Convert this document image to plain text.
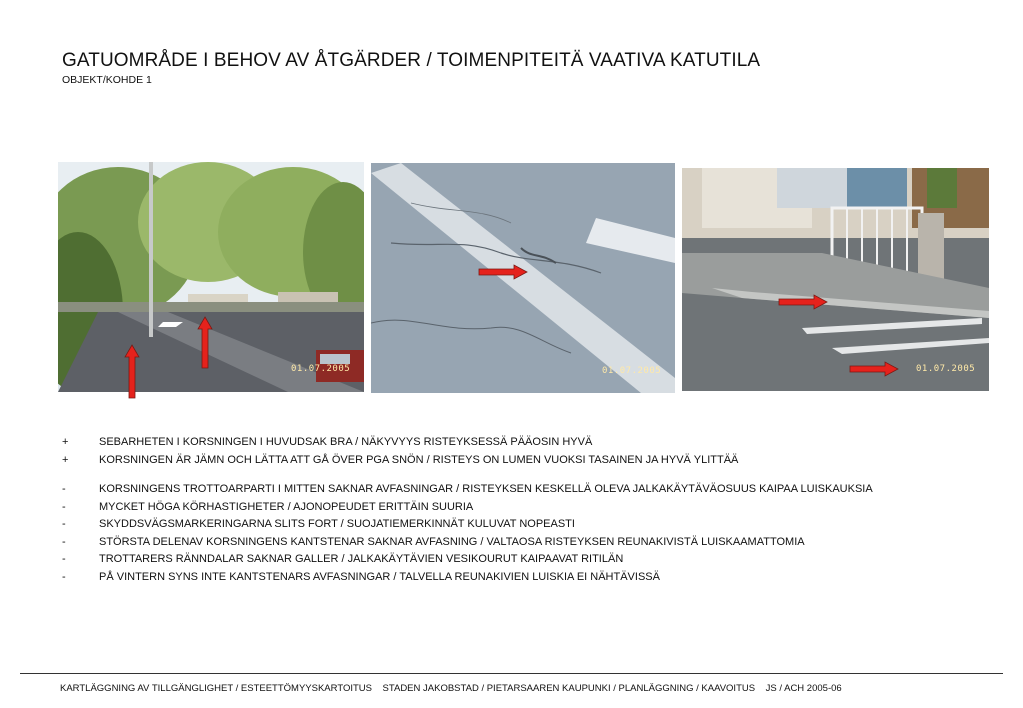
GATUOMRÅDE I BEHOV AV ÅTGÄRDER / TOIMENPITEITÄ VAATIVA KATUTILA
OBJEKT/KOHDE 1
01.07.2005	01.07.2005	01.07.2005
+	SEBARHETEN I KORSNINGEN I HUVUDSAK BRA / NÄKYVYYS RISTEYKSESSÄ PÄÄOSIN HYVÄ
+	KORSNINGEN ÄR JÄMN OCH LÄTTA ATT GÅ ÖVER PGA SNÖN / RISTEYS ON LUMEN VUOKSI TASAINEN JA HYVÄ YLITTÄÄ
-	KORSNINGENS TROTTOARPARTI I MITTEN SAKNAR AVFASNINGAR / RISTEYKSEN KESKELLÄ OLEVA JALKAKÄYTÄVÄOSUUS KAIPAA LUISKAUKSIA
-	MYCKET HÖGA KÖRHASTIGHETER / AJONOPEUDET ERITTÄIN SUURIA
-	SKYDDSVÄGSMARKERINGARNA SLITS FORT / SUOJATIEMERKINNÄT KULUVAT NOPEASTI
-	STÖRSTA DELENAV KORSNINGENS KANTSTENAR SAKNAR AVFASNING / VALTAOSA RISTEYKSEN REUNAKIVISTÄ LUISKAAMATTOMIA
-	TROTTARERS RÄNNDALAR SAKNAR GALLER / JALKAKÄYTÄVIEN VESIKOURUT KAIPAAVAT RITILÄN
-	PÅ VINTERN SYNS INTE KANTSTENARS AVFASNINGAR / TALVELLA REUNAKIVIEN LUISKIA EI NÄHTÄVISSÄ
KARTLÄGGNING AV TILLGÄNGLIGHET / ESTEETTÖMYYSKARTOITUS    STADEN JAKOBSTAD / PIETARSAAREN KAUPUNKI / PLANLÄGGNING / KAAVOITUS    JS / ACH 2005-06
